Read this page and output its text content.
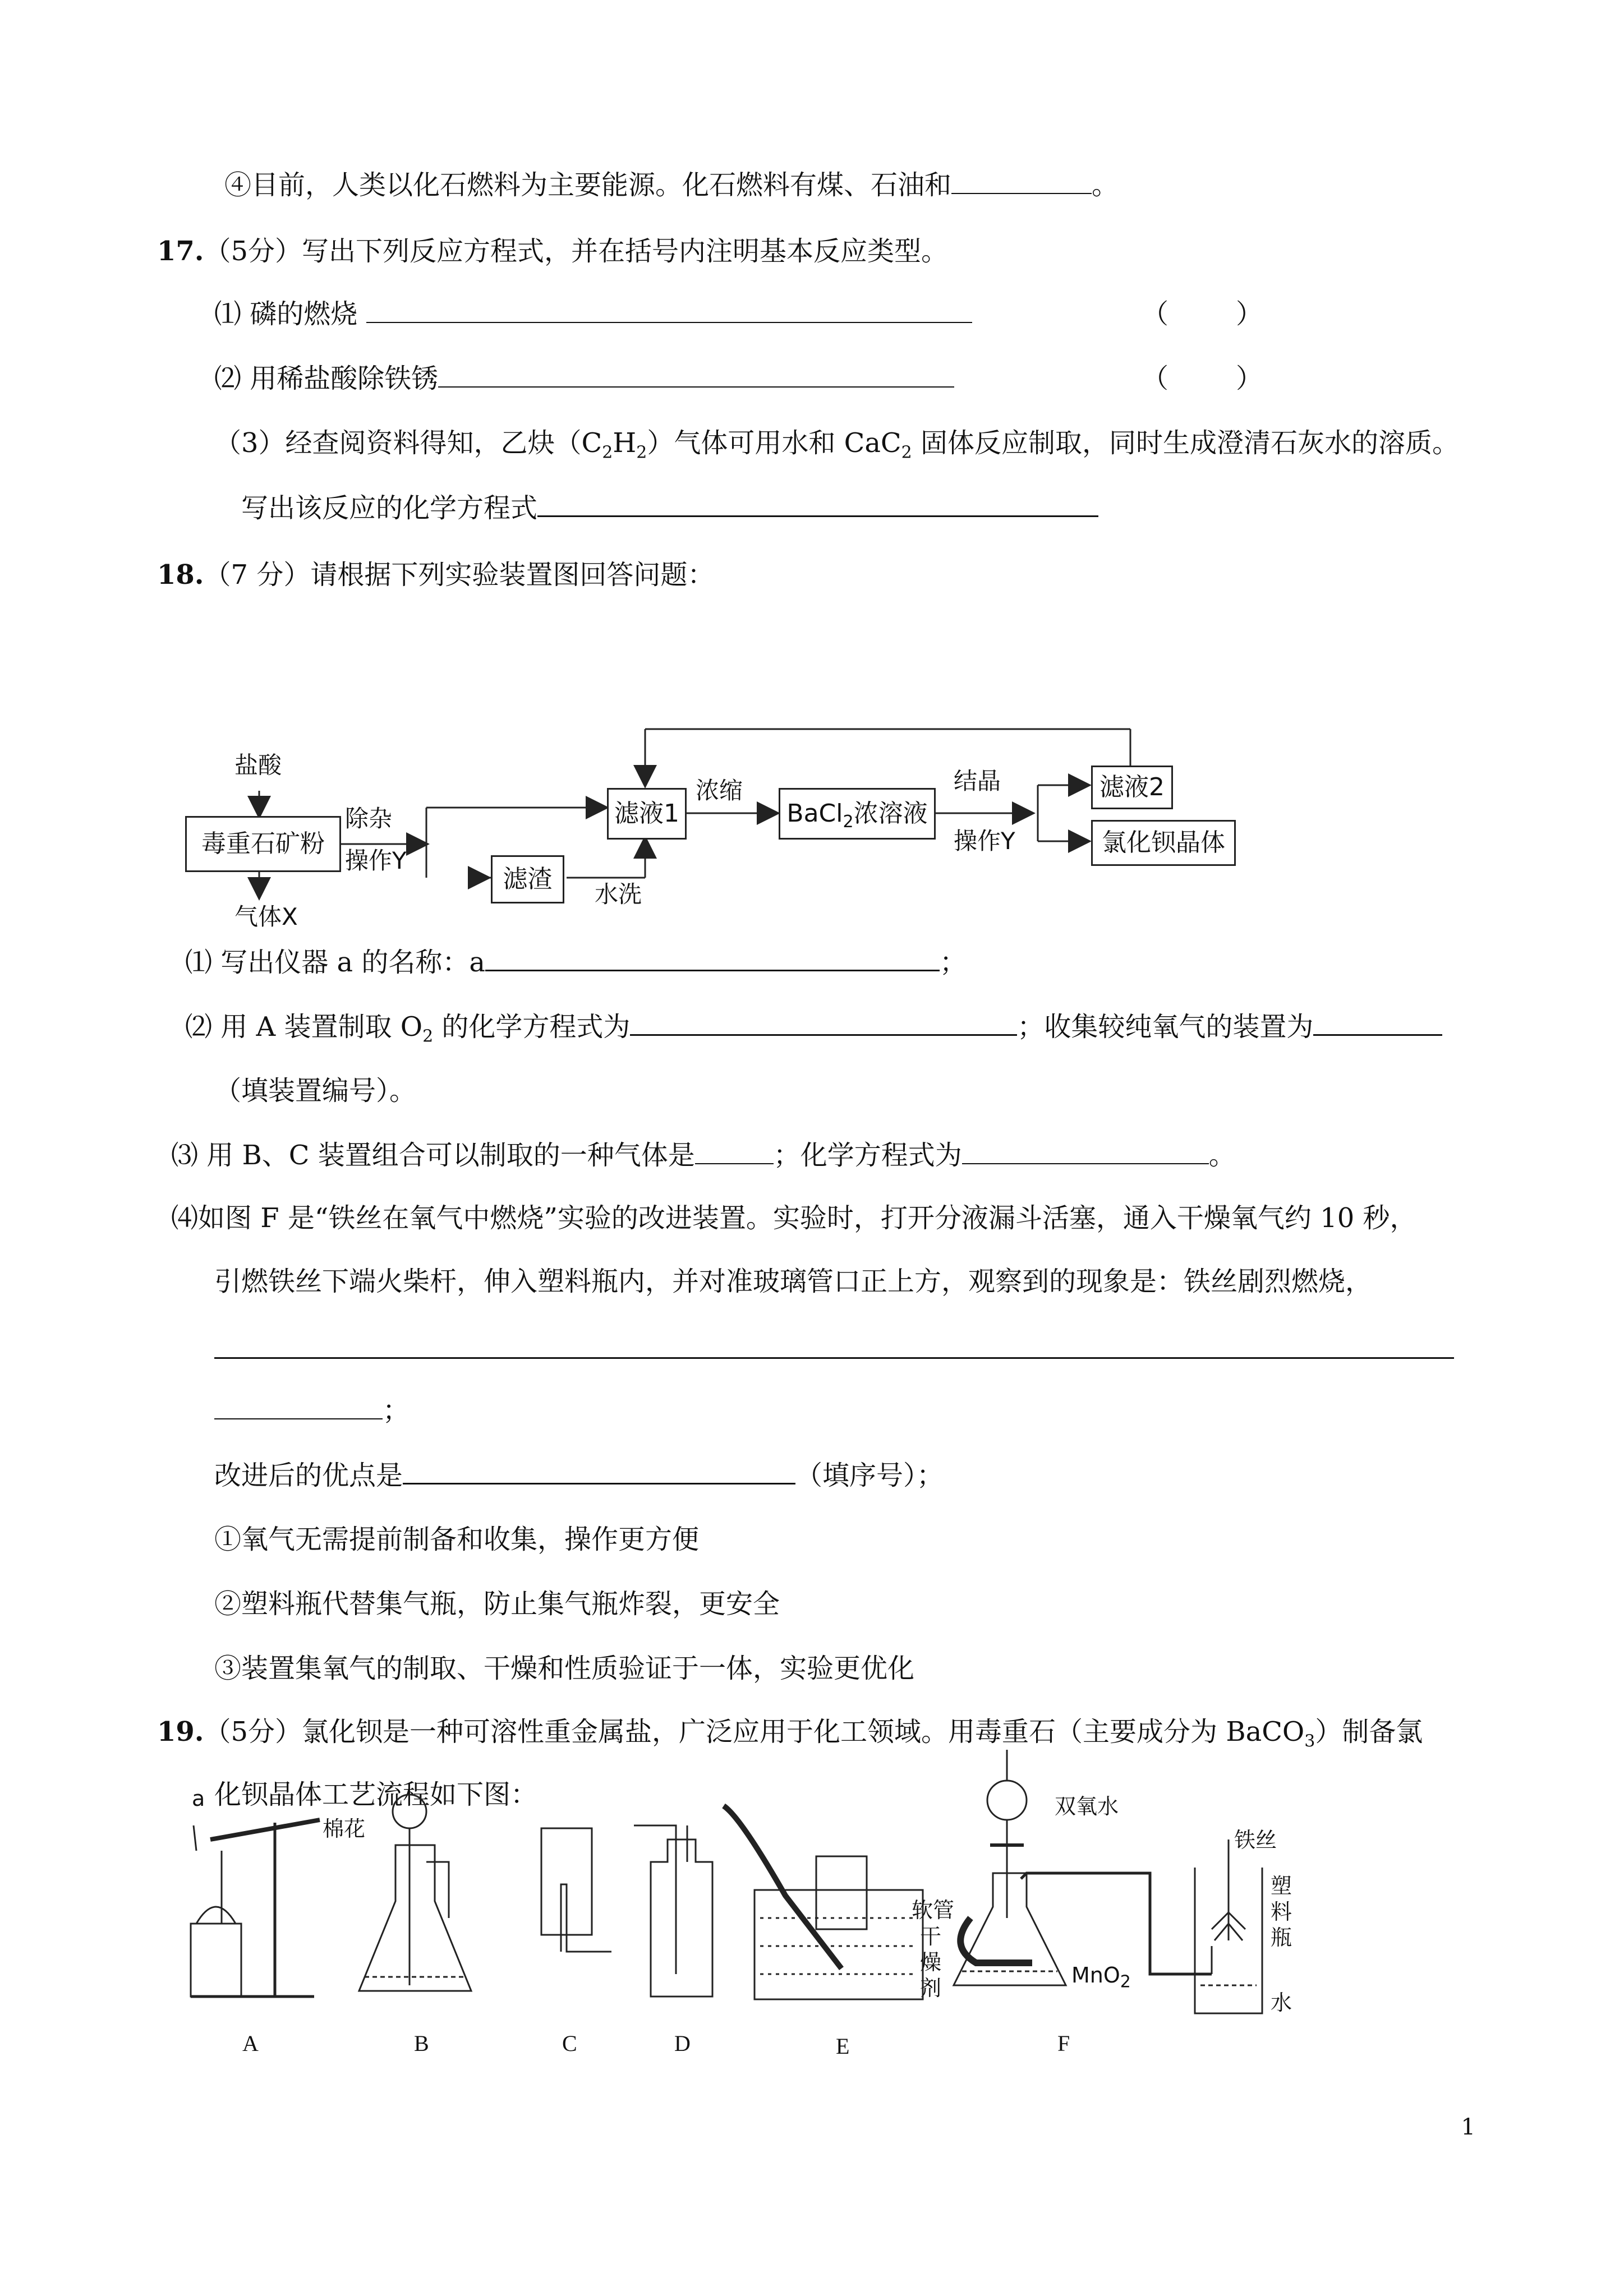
④目前，人类以化石燃料为主要能源。化石燃料有煤、石油和	。
17.（5分）写出下列反应方程式，并在括号内注明基本反应类型。
⑴ 磷的燃烧	（	）
⑵ 用稀盐酸除铁锈	（	）
（3）经查阅资料得知，乙炔$(C_2H_2)$气体可用水和 CaC$_2$ 固体反应制取，同时生成澄清石灰水的溶质。
写出该反应的化学方程式
18.（7 分）请根据下列实验装置图回答问题：
盐酸
毒重石矿粉
气体X
除杂
操作Y
滤渣
水洗
滤液1
浓缩
BaCl$_2$浓溶液
结晶
操作Y
滤液2
氯化钡晶体
⑴ 写出仪器 a 的名称：a	；
⑵ 用 A 装置制取 $O_2$ 的化学方程式为	；收集较纯氧气的装置为
（填装置编号）。
⑶ 用 B、C 装置组合可以制取的一种气体是	；化学方程式为	。
⑷如图 F 是“铁丝在氧气中燃烧”实验的改进装置。实验时，打开分液漏斗活塞，通入干燥氧气约 10 秒，
引燃铁丝下端火柴杆，伸入塑料瓶内，并对准玻璃管口正上方，观察到的现象是：铁丝剧烈燃烧，
；
改进后的优点是	（填序号）；
①氧气无需提前制备和收集，操作更方便
②塑料瓶代替集气瓶，防止集气瓶炸裂，更安全
③装置集氧气的制取、干燥和性质验证于一体，实验更优化
19.（5分）氯化钡是一种可溶性重金属盐，广泛应用于化工领域。用毒重石（主要成分为 BaCO$_3$）制备氯
化钡晶体工艺流程如下图：
a
棉花
双氧水
铁丝
软管
干燥剂
MnO$_2$
塑料瓶
水
A	B	C	D	E	F
1
